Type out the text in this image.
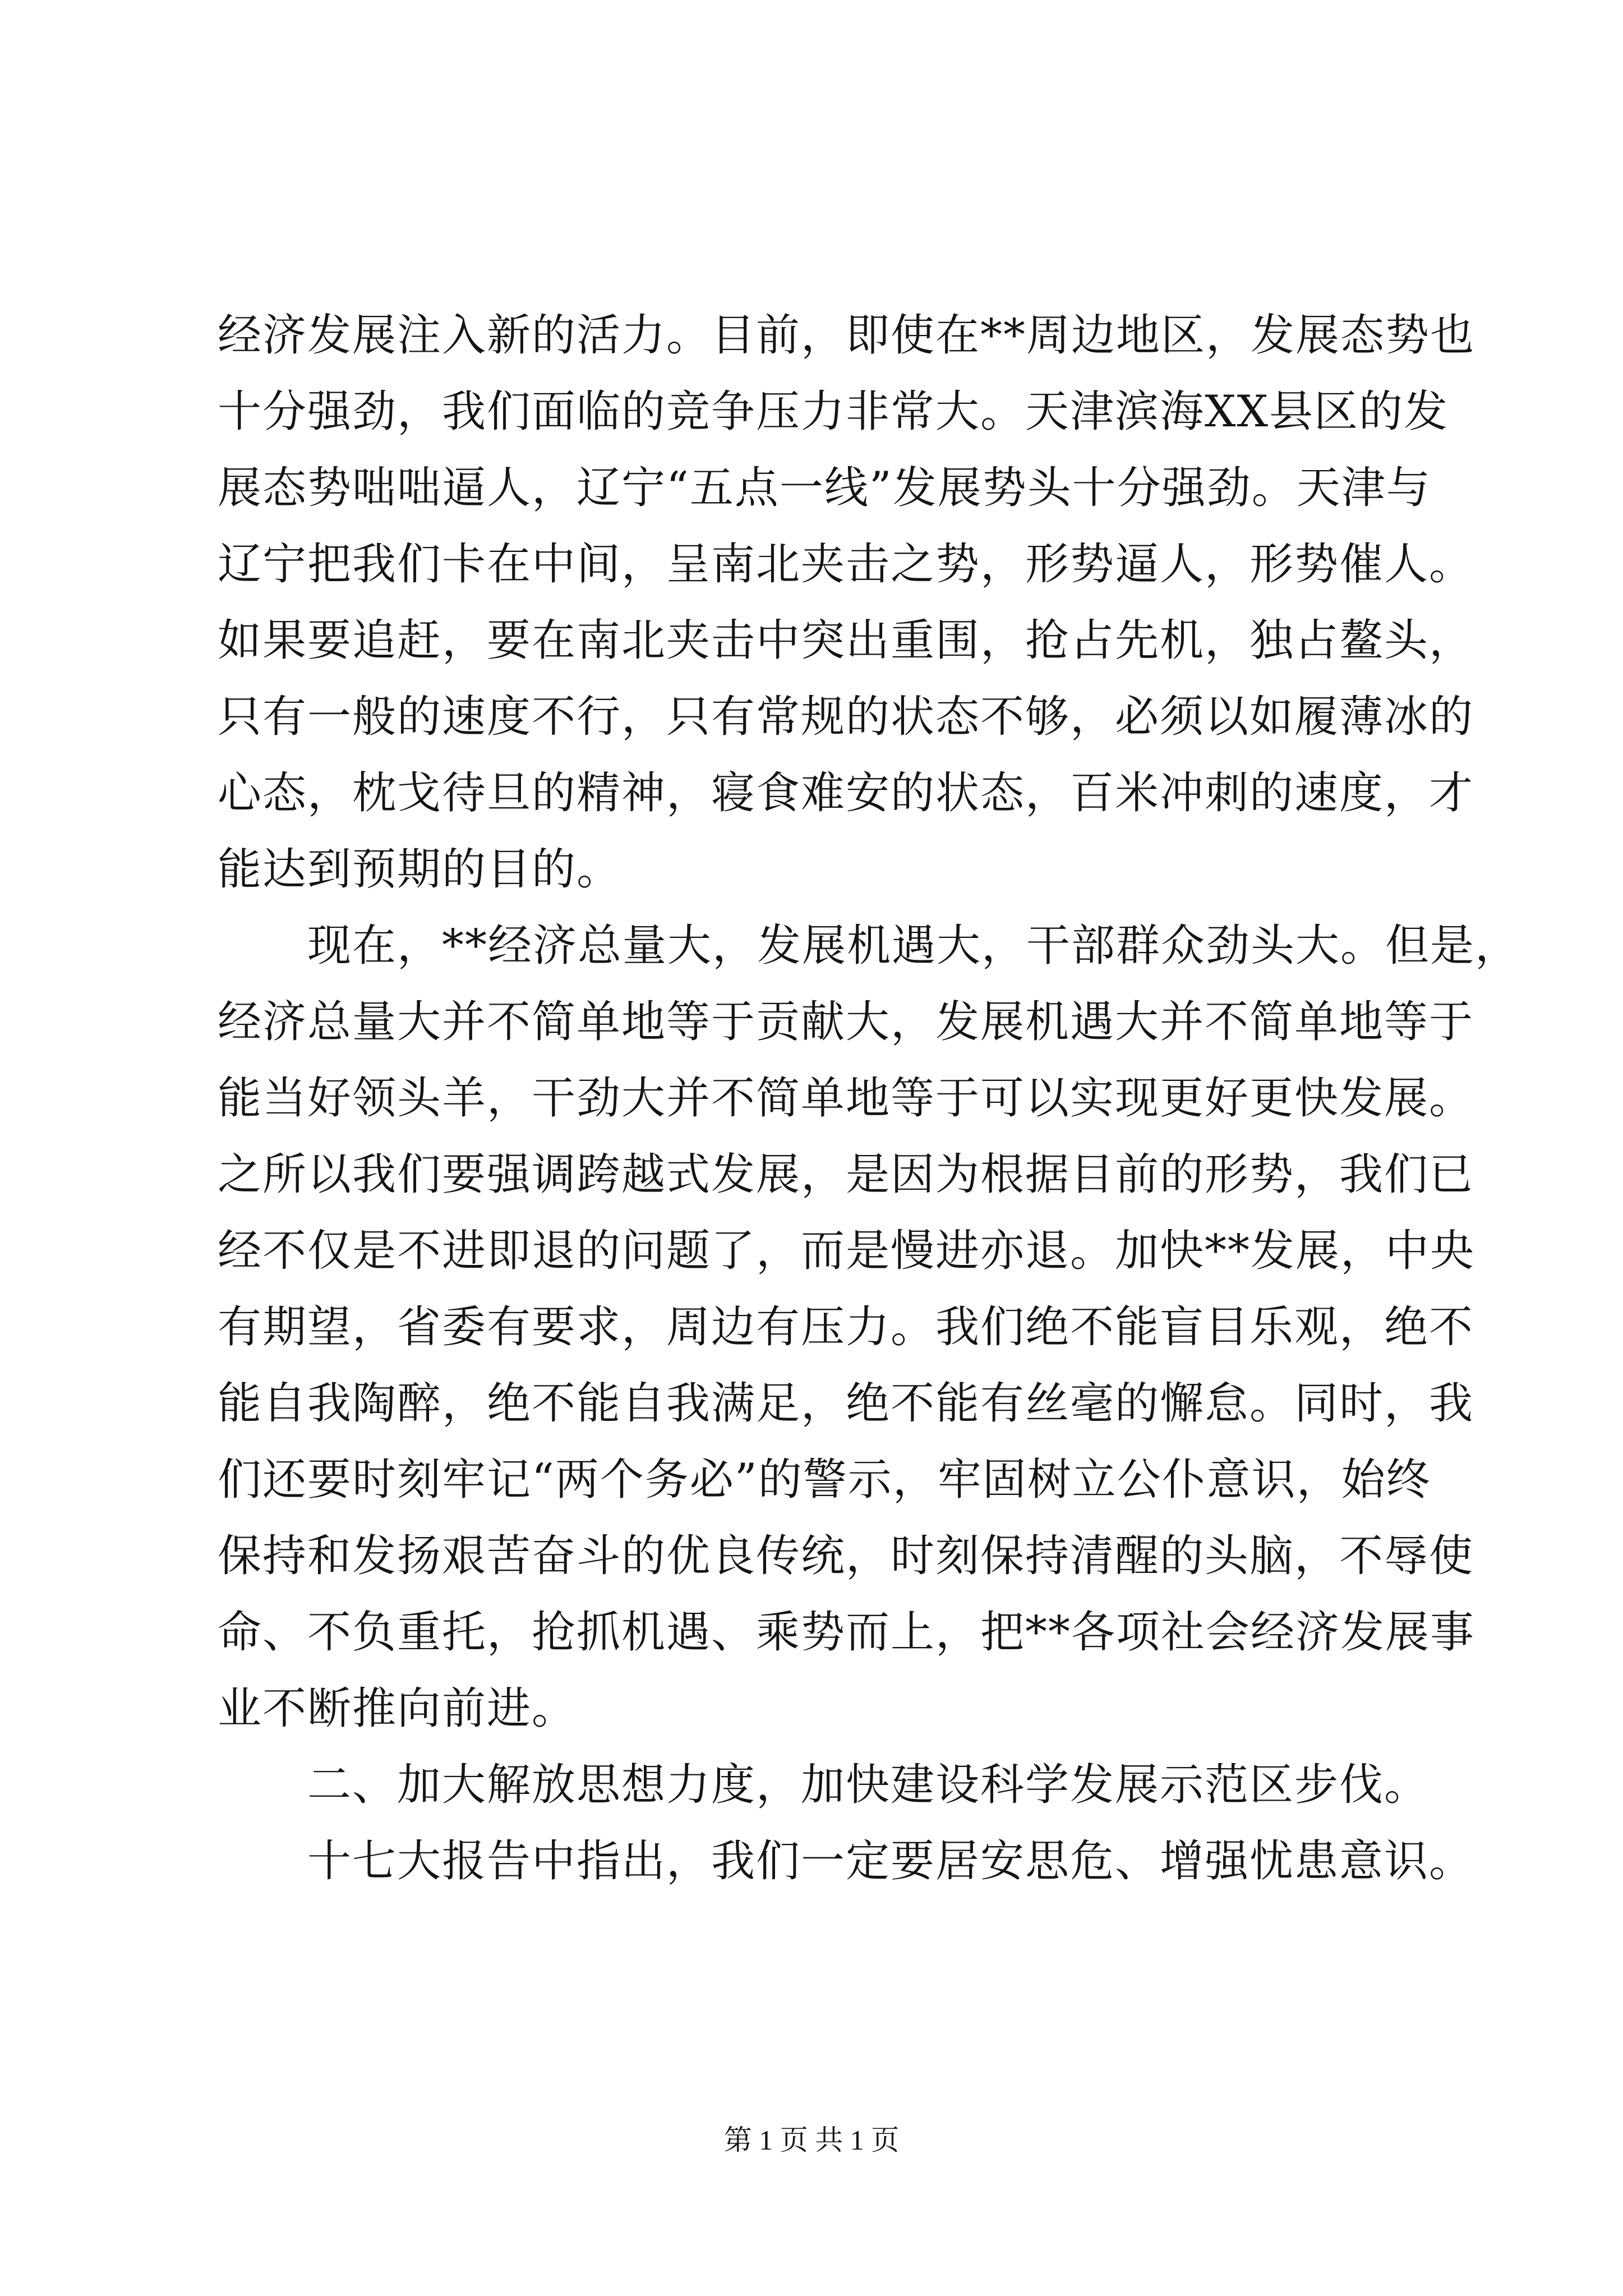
经济发展注入新的活力。目前，即使在**周边地区，发展态势也
十分强劲，我们面临的竞争压力非常大。天津滨海XX县区的发
展态势咄咄逼人，辽宁“五点一线”发展势头十分强劲。天津与
辽宁把我们卡在中间，呈南北夹击之势，形势逼人，形势催人。
如果要追赶，要在南北夹击中突出重围，抢占先机，独占鳌头，
只有一般的速度不行，只有常规的状态不够，必须以如履薄冰的
心态，枕戈待旦的精神，寝食难安的状态，百米冲刺的速度，才
能达到预期的目的。
现在，**经济总量大，发展机遇大，干部群众劲头大。但是，
经济总量大并不简单地等于贡献大，发展机遇大并不简单地等于
能当好领头羊，干劲大并不简单地等于可以实现更好更快发展。
之所以我们要强调跨越式发展，是因为根据目前的形势，我们已
经不仅是不进即退的问题了，而是慢进亦退。加快**发展，中央
有期望，省委有要求，周边有压力。我们绝不能盲目乐观，绝不
能自我陶醉，绝不能自我满足，绝不能有丝毫的懈怠。同时，我
们还要时刻牢记“两个务必”的警示，牢固树立公仆意识，始终
保持和发扬艰苦奋斗的优良传统，时刻保持清醒的头脑，不辱使
命、不负重托，抢抓机遇、乘势而上，把**各项社会经济发展事
业不断推向前进。
二、加大解放思想力度，加快建设科学发展示范区步伐。
十七大报告中指出，我们一定要居安思危、增强忧患意识。
第 1 页 共 1 页
